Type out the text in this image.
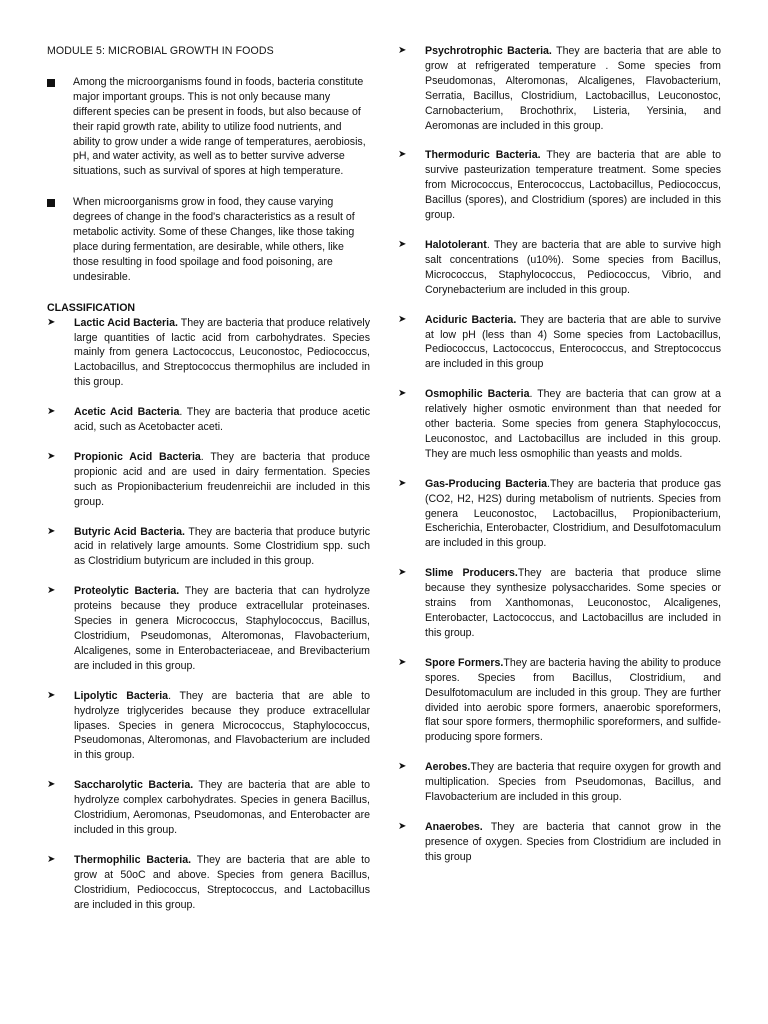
MODULE 5: MICROBIAL GROWTH IN FOODS
Among the microorganisms found in foods, bacteria constitute major important groups. This is not only because many different species can be present in foods, but also because of their rapid growth rate, ability to utilize food nutrients, and ability to grow under a wide range of temperatures, aerobiosis, pH, and water activity, as well as to better survive adverse situations, such as survival of spores at high temperature.
When microorganisms grow in food, they cause varying degrees of change in the food's characteristics as a result of metabolic activity. Some of these Changes, like those taking place during fermentation, are desirable, while others, like those resulting in food spoilage and food poisoning, are undesirable.
CLASSIFICATION
➤	Lactic Acid Bacteria. They are bacteria that produce relatively large quantities of lactic acid from carbohydrates. Species mainly from genera Lactococcus, Leuconostoc, Pediococcus, Lactobacillus, and Streptococcus thermophilus are included in this group.
➤	Acetic Acid Bacteria. They are bacteria that produce acetic acid, such as Acetobacter aceti.
➤	Propionic Acid Bacteria. They are bacteria that produce propionic acid and are used in dairy fermentation. Species such as Propionibacterium freudenreichii are included in this group.
➤	Butyric Acid Bacteria. They are bacteria that produce butyric acid in relatively large amounts. Some Clostridium spp. such as Clostridium butyricum are included in this group.
➤	Proteolytic Bacteria. They are bacteria that can hydrolyze proteins because they produce extracellular proteinases. Species in genera Micrococcus, Staphylococcus, Bacillus, Clostridium, Pseudomonas, Alteromonas, Flavobacterium, Alcaligenes, some in Enterobacteriaceae, and Brevibacterium are included in this group.
➤	Lipolytic Bacteria. They are bacteria that are able to hydrolyze triglycerides because they produce extracellular lipases. Species in genera Micrococcus, Staphylococcus, Pseudomonas, Alteromonas, and Flavobacterium are included in this group.
➤	Saccharolytic Bacteria. They are bacteria that are able to hydrolyze complex carbohydrates. Species in genera Bacillus, Clostridium, Aeromonas, Pseudomonas, and Enterobacter are included in this group.
➤	Thermophilic Bacteria. They are bacteria that are able to grow at 50oC and above. Species from genera Bacillus, Clostridium, Pediococcus, Streptococcus, and Lactobacillus are included in this group.
➤	Psychrotrophic Bacteria. They are bacteria that are able to grow at refrigerated temperature . Some species from Pseudomonas, Alteromonas, Alcaligenes, Flavobacterium, Serratia, Bacillus, Clostridium, Lactobacillus, Leuconostoc, Carnobacterium, Brochothrix, Listeria, Yersinia, and Aeromonas are included in this group.
➤	Thermoduric Bacteria. They are bacteria that are able to survive pasteurization temperature treatment. Some species from Micrococcus, Enterococcus, Lactobacillus, Pediococcus, Bacillus (spores), and Clostridium (spores) are included in this group.
➤	Halotolerant. They are bacteria that are able to survive high salt concentrations (u10%). Some species from Bacillus, Micrococcus, Staphylococcus, Pediococcus, Vibrio, and Corynebacterium are included in this group.
➤	Aciduric Bacteria. They are bacteria that are able to survive at low pH (less than 4) Some species from Lactobacillus, Pediococcus, Lactococcus, Enterococcus, and Streptococcus are included in this group
➤	Osmophilic Bacteria. They are bacteria that can grow at a relatively higher osmotic environment than that needed for other bacteria. Some species from genera Staphylococcus, Leuconostoc, and Lactobacillus are included in this group. They are much less osmophilic than yeasts and molds.
➤	Gas-Producing Bacteria.They are bacteria that produce gas (CO2, H2, H2S) during metabolism of nutrients. Species from genera Leuconostoc, Lactobacillus, Propionibacterium, Escherichia, Enterobacter, Clostridium, and Desulfotomaculum are included in this group.
➤	Slime Producers.They are bacteria that produce slime because they synthesize polysaccharides. Some species or strains from Xanthomonas, Leuconostoc, Alcaligenes, Enterobacter, Lactococcus, and Lactobacillus are included in this group.
➤	Spore Formers.They are bacteria having the ability to produce spores. Species from Bacillus, Clostridium, and Desulfotomaculum are included in this group. They are further divided into aerobic spore formers, anaerobic sporeformers, flat sour spore formers, thermophilic sporeformers, and sulfide-producing spore formers.
➤	Aerobes.They are bacteria that require oxygen for growth and multiplication. Species from Pseudomonas, Bacillus, and Flavobacterium are included in this group.
➤	Anaerobes. They are bacteria that cannot grow in the presence of oxygen. Species from Clostridium are included in this group
